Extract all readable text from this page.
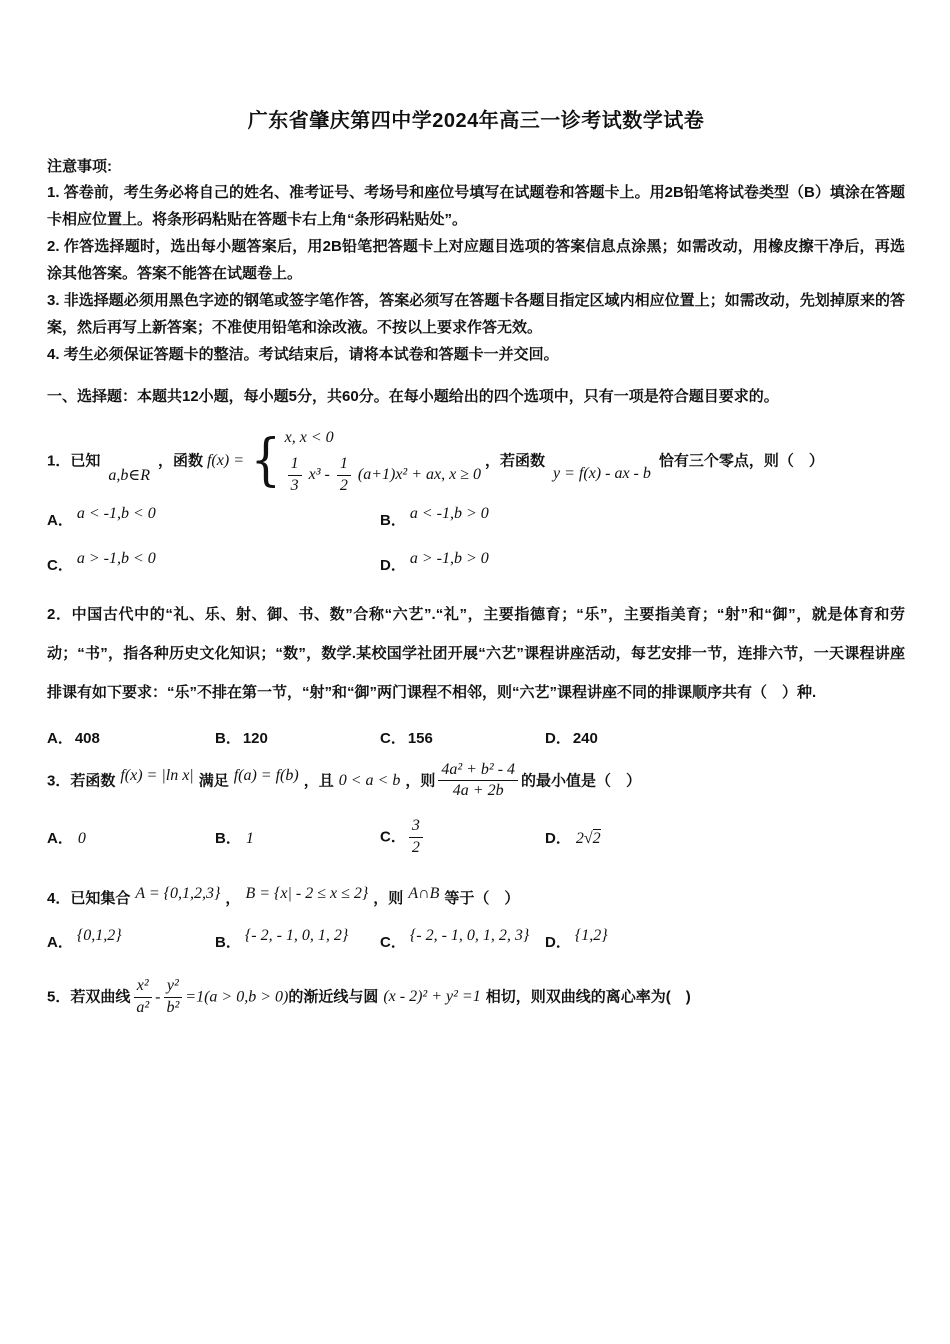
广东省肇庆第四中学2024年高三一诊考试数学试卷
注意事项:

1. 答卷前，考生务必将自己的姓名、准考证号、考场号和座位号填写在试题卷和答题卡上。用2B铅笔将试卷类型（B）填涂在答题卡相应位置上。将条形码粘贴在答题卡右上角“条形码粘贴处”。

2. 作答选择题时，选出每小题答案后，用2B铅笔把答题卡上对应题目选项的答案信息点涂黑；如需改动，用橡皮擦干净后，再选涂其他答案。答案不能答在试题卷上。

3. 非选择题必须用黑色字迹的钢笔或签字笔作答，答案必须写在答题卡各题目指定区域内相应位置上；如需改动，先划掉原来的答案，然后再写上新答案；不准使用铅笔和涂改液。不按以上要求作答无效。

4. 考生必须保证答题卡的整洁。考试结束后，请将本试卷和答题卡一并交回。

一、选择题：本题共12小题，每小题5分，共60分。在每小题给出的四个选项中，只有一项是符合题目要求的。

1．已知a,b∈R，函数 f(x) = { x, x < 0
$\frac{1}{3} x^3 - \frac{1}{2} (a+1)x^2$ + ax, x ≥ 0
，若函数y = f(x) - ax - b恰有三个零点，则（　）
A． a < -1,b < 0	B． a < -1,b > 0
C． a > -1,b < 0	D． a > -1,b > 0

2．中国古代中的“礼、乐、射、御、书、数”合称“六艺”.“礼”，主要指德育；“乐”，主要指美育；“射”和“御”，就是体育和劳动；“书”，指各种历史文化知识；“数”，数学.某校国学社团开展“六艺”课程讲座活动，每艺安排一节，连排六节，一天课程讲座排课有如下要求：“乐”不排在第一节，“射”和“御”两门课程不相邻，则“六艺”课程讲座不同的排课顺序共有（　）种.

A． 408	B． 120	C． 156	D． 240
3．若函数 f(x) = |ln x| 满足 f(a) = f(b) ，且 0 < a < b ，则 $\frac{\text{4a² + b² - 4}}{4a + 2b}$ 的最小值是（　）
A． 0	B． 1	C． $\frac{3}{2}$	D． 2√2
4．已知集合 A = {0,1,2,3} ， B = {x| - 2 ≤ x ≤ 2} ，则 A∩B 等于（　）
A． {0,1,2}	B． {- 2, - 1, 0, 1, 2}	C． {- 2, - 1, 0, 1, 2, 3}	D． {1,2}
5．若双曲线 $\frac{\text{x²}}{\text{a²}} - \frac{\text{y²}}{\text{b²}} =1(a > 0,b > 0)$的渐近线与圆 (x - 2)² + y² =1 相切，则双曲线的离心率为(　)
